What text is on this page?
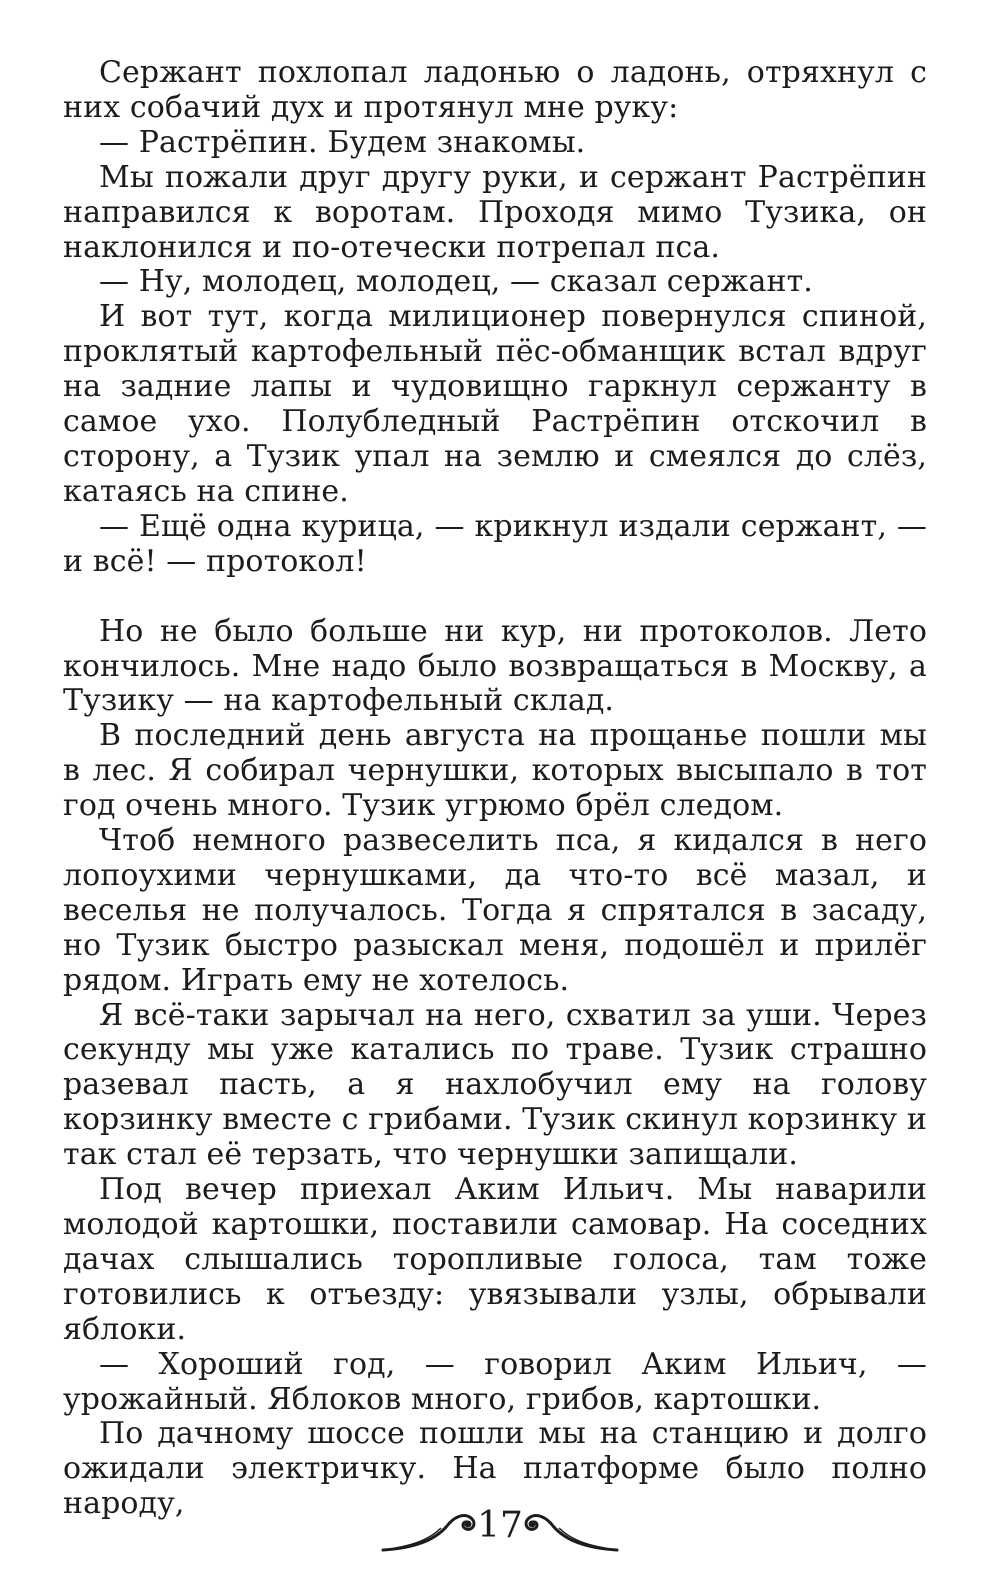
Сержант похлопал ладонью о ладонь, отряхнул с них собачий дух и протянул мне руку:

— Растрёпин. Будем знакомы.

Мы пожали друг другу руки, и сержант Растрёпин направился к воротам. Проходя мимо Тузика, он наклонился и по-отечески потрепал пса.

— Ну, молодец, молодец, — сказал сержант.

И вот тут, когда милиционер повернулся спиной, проклятый картофельный пёс-обманщик встал вдруг на задние лапы и чудовищно гаркнул сержанту в самое ухо. Полубледный Растрёпин отскочил в сторону, а Тузик упал на землю и смеялся до слёз, катаясь на спине.

— Ещё одна курица, — крикнул издали сержант, — и всё! — протокол!

Но не было больше ни кур, ни протоколов. Лето кончилось. Мне надо было возвращаться в Москву, а Тузику — на картофельный склад.

В последний день августа на прощанье пошли мы в лес. Я собирал чернушки, которых высыпало в тот год очень много. Тузик угрюмо брёл следом.

Чтоб немного развеселить пса, я кидался в него лопоухими чернушками, да что-то всё мазал, и веселья не получалось. Тогда я спрятался в засаду, но Тузик быстро разыскал меня, подошёл и прилёг рядом. Играть ему не хотелось.

Я всё-таки зарычал на него, схватил за уши. Через секунду мы уже катались по траве. Тузик страшно разевал пасть, а я нахлобучил ему на голову корзинку вместе с грибами. Тузик скинул корзинку и так стал её терзать, что чернушки запищали.

Под вечер приехал Аким Ильич. Мы наварили молодой картошки, поставили самовар. На соседних дачах слышались торопливые голоса, там тоже готовились к отъезду: увязывали узлы, обрывали яблоки.

— Хороший год, — говорил Аким Ильич, — урожайный. Яблоков много, грибов, картошки.

По дачному шоссе пошли мы на станцию и долго ожидали электричку. На платформе было полно народу,

17
